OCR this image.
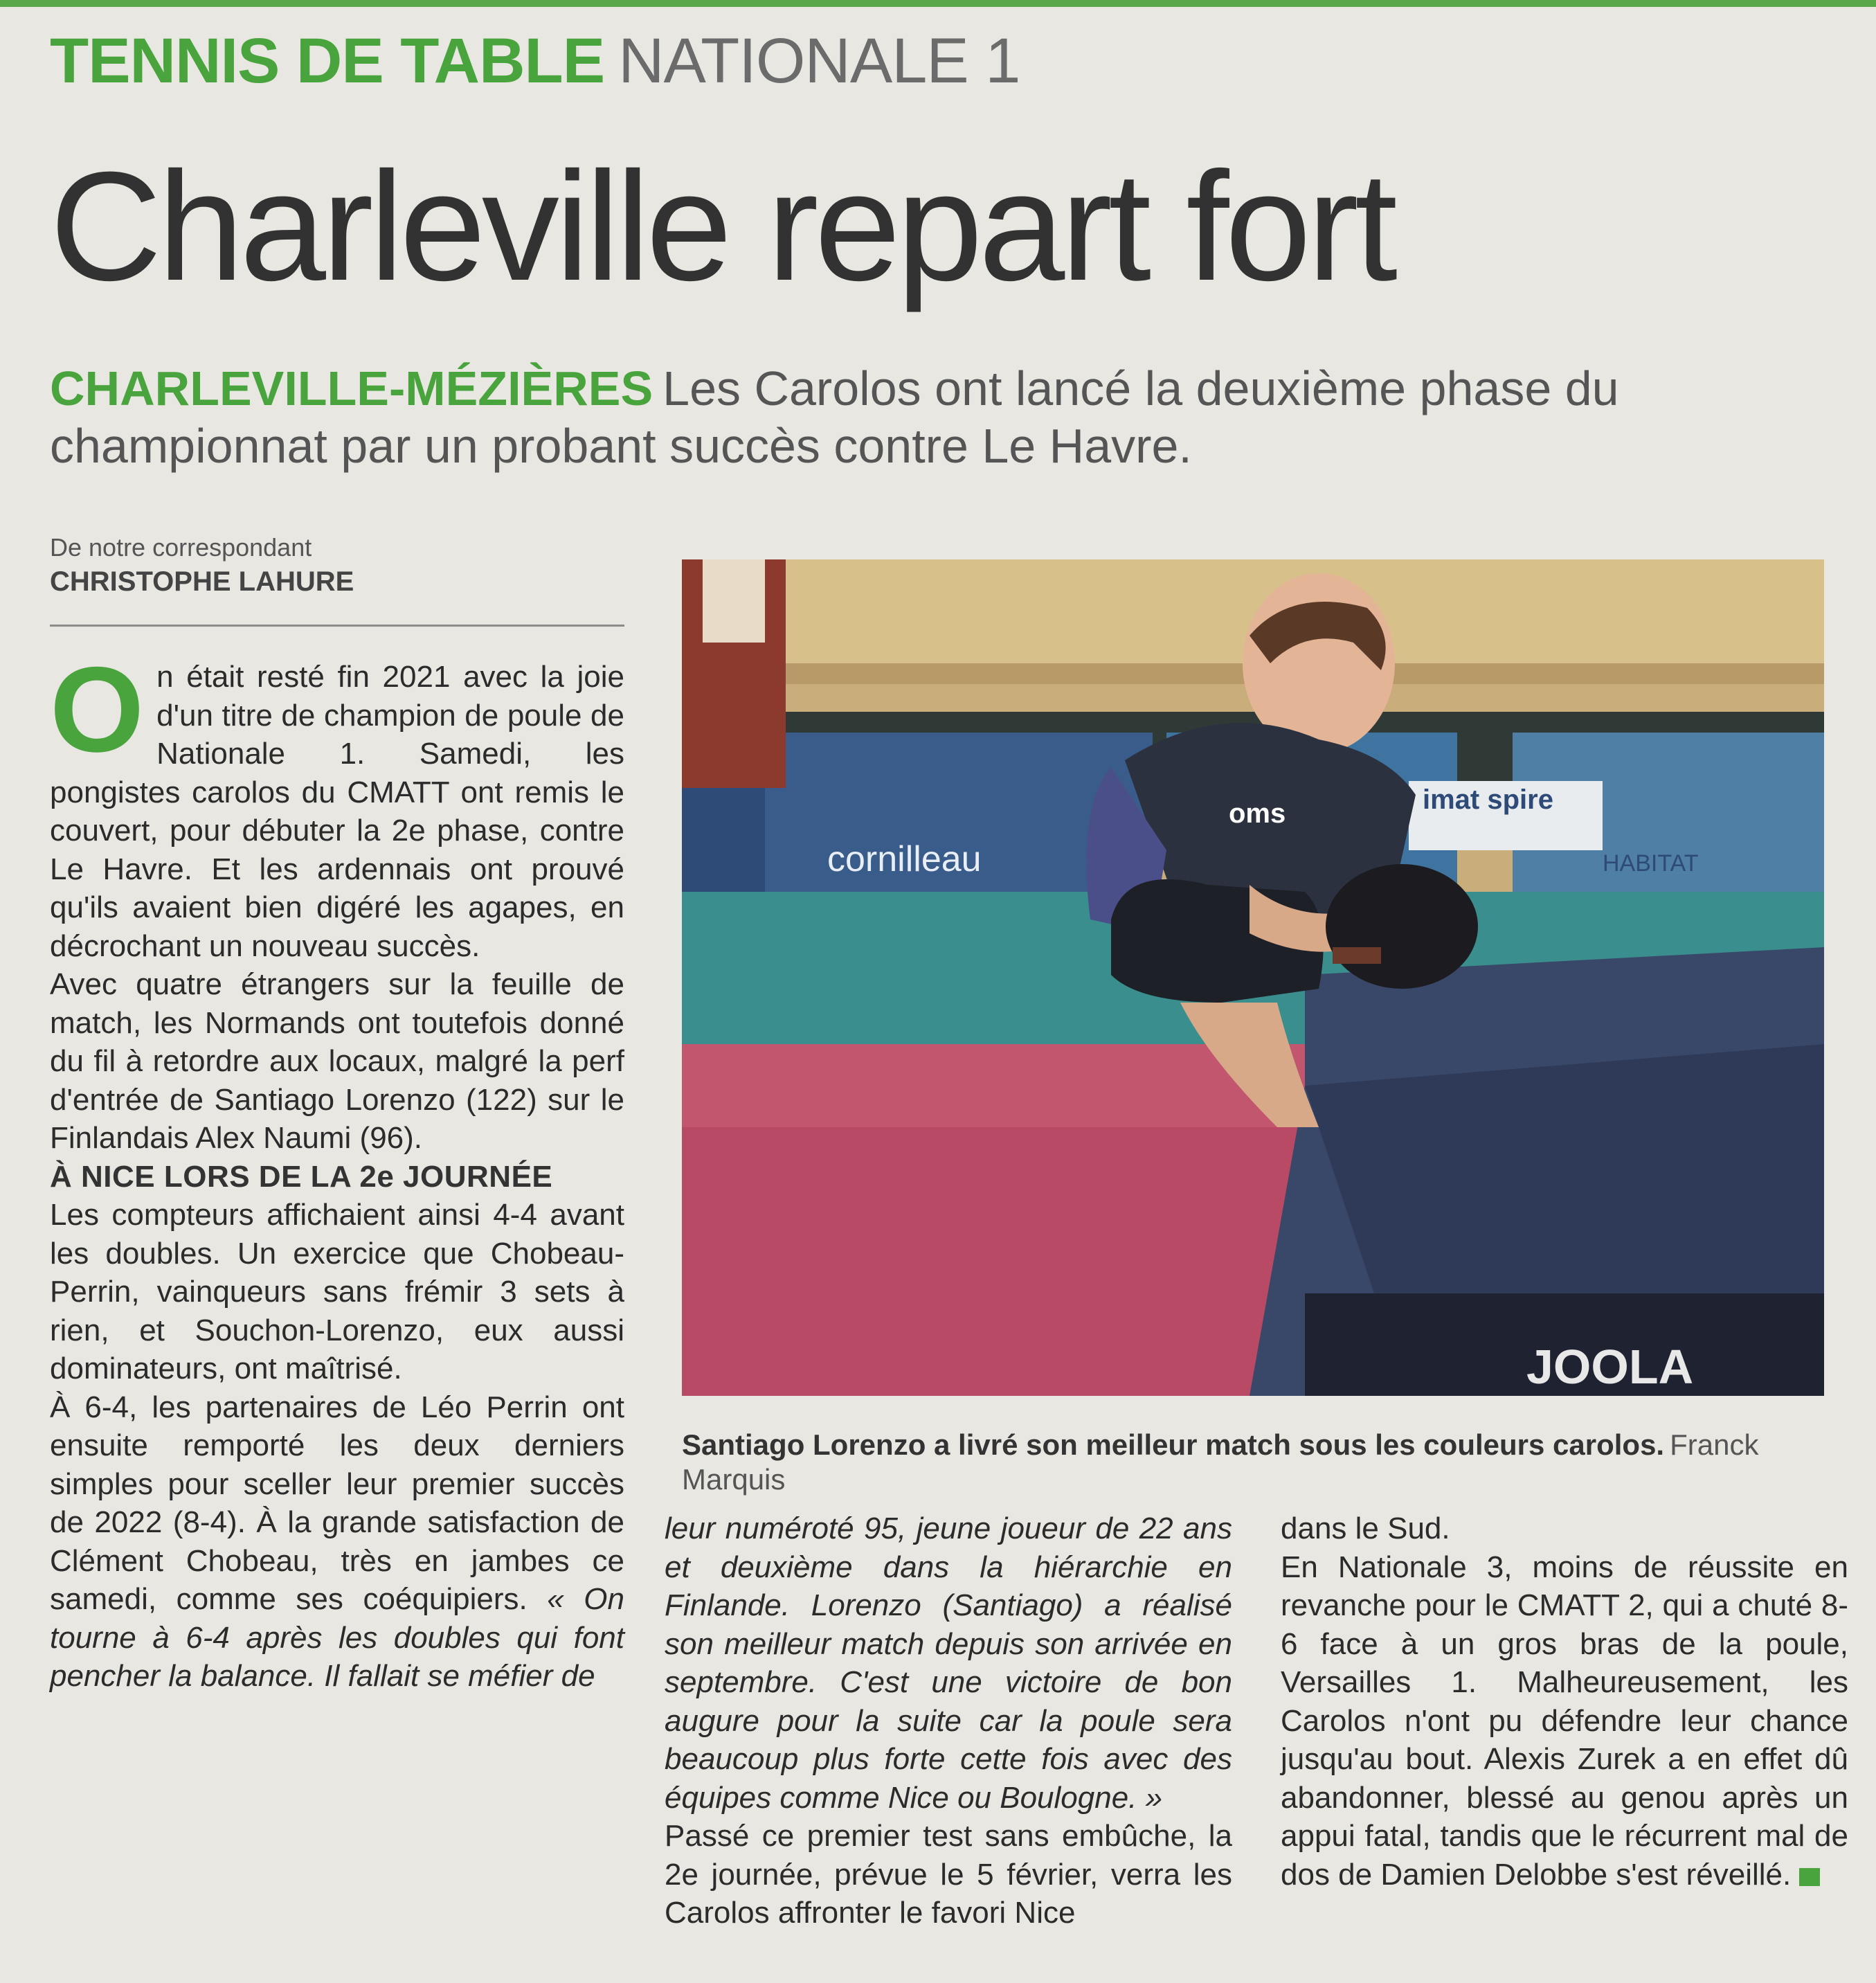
TENNIS DE TABLE NATIONALE 1
Charleville repart fort
CHARLEVILLE-MÉZIÈRES Les Carolos ont lancé la deuxième phase du championnat par un probant succès contre Le Havre.
De notre correspondant
CHRISTOPHE LAHURE

On était resté fin 2021 avec la joie d'un titre de champion de poule de Nationale 1. Samedi, les pongistes carolos du CMATT ont remis le couvert, pour débuter la 2e phase, contre Le Havre. Et les ardennais ont prouvé qu'ils avaient bien digéré les agapes, en décrochant un nouveau succès.

Avec quatre étrangers sur la feuille de match, les Normands ont toutefois donné du fil à retordre aux locaux, malgré la perf d'entrée de Santiago Lorenzo (122) sur le Finlandais Alex Naumi (96).

À NICE LORS DE LA 2e JOURNÉE

Les compteurs affichaient ainsi 4-4 avant les doubles. Un exercice que Chobeau-Perrin, vainqueurs sans frémir 3 sets à rien, et Souchon-Lorenzo, eux aussi dominateurs, ont maîtrisé.

À 6-4, les partenaires de Léo Perrin ont ensuite remporté les deux derniers simples pour sceller leur premier succès de 2022 (8-4). À la grande satisfaction de Clément Chobeau, très en jambes ce samedi, comme ses coéquipiers. « On tourne à 6-4 après les doubles qui font pencher la balance. Il fallait se méfier de

cornilleau
imat spire
HABITAT
JOOLA
oms
Santiago Lorenzo a livré son meilleur match sous les couleurs carolos. Franck Marquis

leur numéroté 95, jeune joueur de 22 ans et deuxième dans la hiérarchie en Finlande. Lorenzo (Santiago) a réalisé son meilleur match depuis son arrivée en septembre. C'est une victoire de bon augure pour la suite car la poule sera beaucoup plus forte cette fois avec des équipes comme Nice ou Boulogne. »

Passé ce premier test sans embûche, la 2e journée, prévue le 5 février, verra les Carolos affronter le favori Nice

dans le Sud.

En Nationale 3, moins de réussite en revanche pour le CMATT 2, qui a chuté 8-6 face à un gros bras de la poule, Versailles 1. Malheureusement, les Carolos n'ont pu défendre leur chance jusqu'au bout. Alexis Zurek a en effet dû abandonner, blessé au genou après un appui fatal, tandis que le récurrent mal de dos de Damien Delobbe s'est réveillé.
